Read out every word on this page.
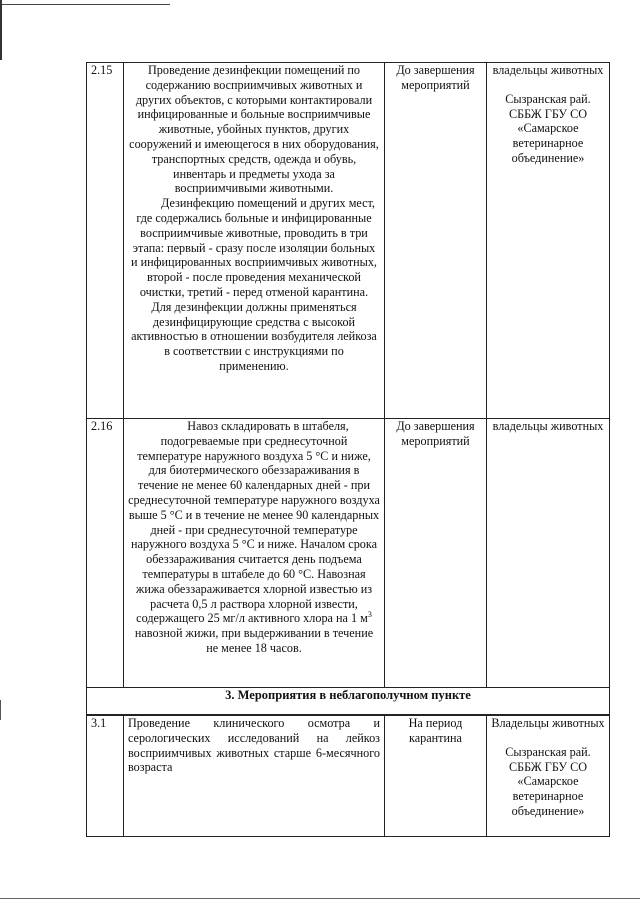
2.15	Проведение дезинфекции помещений по содержанию восприимчивых животных и других объектов, с которыми контактировали инфицированные и больные восприимчивые животные, убойных пунктов, других сооружений и имеющегося в них оборудования, транспортных средств, одежда и обувь, инвентарь и предметы ухода за восприимчивыми животными.
Дезинфекцию помещений и других мест, где содержались больные и инфицированные восприимчивые животные, проводить в три этапа: первый - сразу после изоляции больных и инфицированных восприимчивых животных, второй - после проведения механической очистки, третий - перед отменой карантина.
Для дезинфекции должны применяться дезинфицирующие средства с высокой активностью в отношении возбудителя лейкоза в соответствии с инструкциями по применению.	До завершения мероприятий	владельцы животных
Сызранская рай. СББЖ ГБУ СО «Самарское ветеринарное объединение»

2.16	Навоз складировать в штабеля, подогреваемые при среднесуточной температуре наружного воздуха 5 °С и ниже, для биотермического обеззараживания в течение не менее 60 календарных дней - при среднесуточной температуре наружного воздуха выше 5 °С и в течение не менее 90 календарных дней - при среднесуточной температуре наружного воздуха 5 °С и ниже. Началом срока обеззараживания считается день подъема температуры в штабеле до 60 °С. Навозная жижа обеззараживается хлорной известью из расчета 0,5 л раствора хлорной извести, содержащего 25 мг/л активного хлора на 1 $м^3$ навозной жижи, при выдерживании в течение не менее 18 часов.	До завершения мероприятий	владельцы животных

3. Мероприятия в неблагополучном пункте			
3.1	Проведение клинического осмотра и серологических исследований на лейкоз восприимчивых животных старше 6-месячного возраста	На период карантина	Владельцы животных
Сызранская рай. СББЖ ГБУ СО «Самарское ветеринарное объединение»
